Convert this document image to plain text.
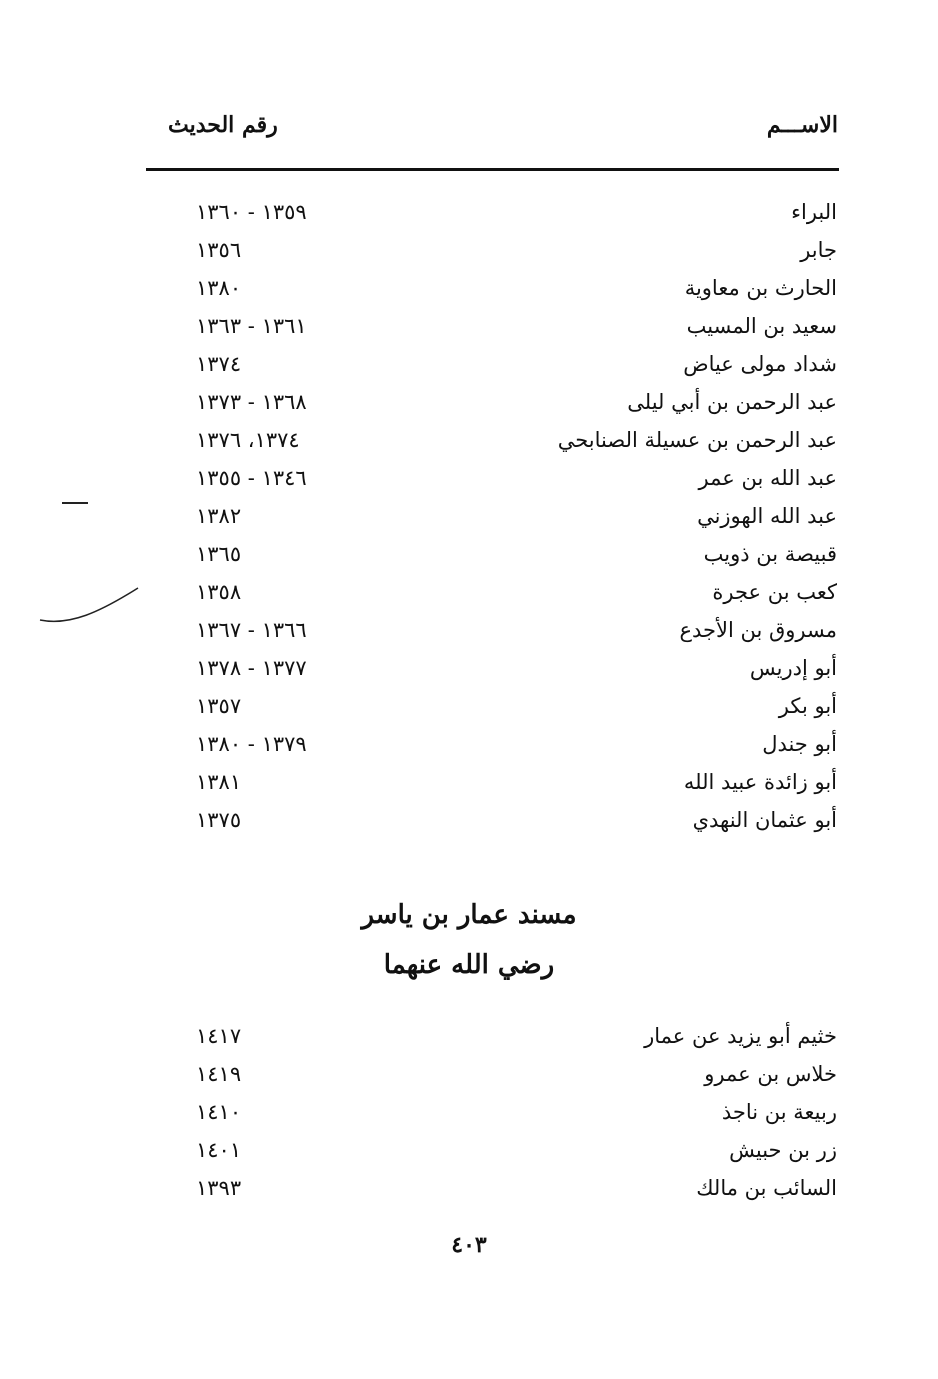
الاســـم
رقم الحديث
البراء
١٣٥٩ - ١٣٦٠
جابر
١٣٥٦
الحارث بن معاوية
١٣٨٠
سعيد بن المسيب
١٣٦١ - ١٣٦٣
شداد مولى عياض
١٣٧٤
عبد الرحمن بن أبي ليلى
١٣٦٨ - ١٣٧٣
عبد الرحمن بن عسيلة الصنابحي
١٣٧٤، ١٣٧٦
عبد الله بن عمر
١٣٤٦ - ١٣٥٥
عبد الله الهوزني
١٣٨٢
قبيصة بن ذويب
١٣٦٥
كعب بن عجرة
١٣٥٨
مسروق بن الأجدع
١٣٦٦ - ١٣٦٧
أبو إدريس
١٣٧٧ - ١٣٧٨
أبو بكر
١٣٥٧
أبو جندل
١٣٧٩ - ١٣٨٠
أبو زائدة عبيد الله
١٣٨١
أبو عثمان النهدي
١٣٧٥
مسند عمار بن ياسر
رضي الله عنهما
خثيم أبو يزيد عن عمار
١٤١٧
خلاس بن عمرو
١٤١٩
ربيعة بن ناجذ
١٤١٠
زر بن حبيش
١٤٠١
السائب بن مالك
١٣٩٣
٤٠٣
